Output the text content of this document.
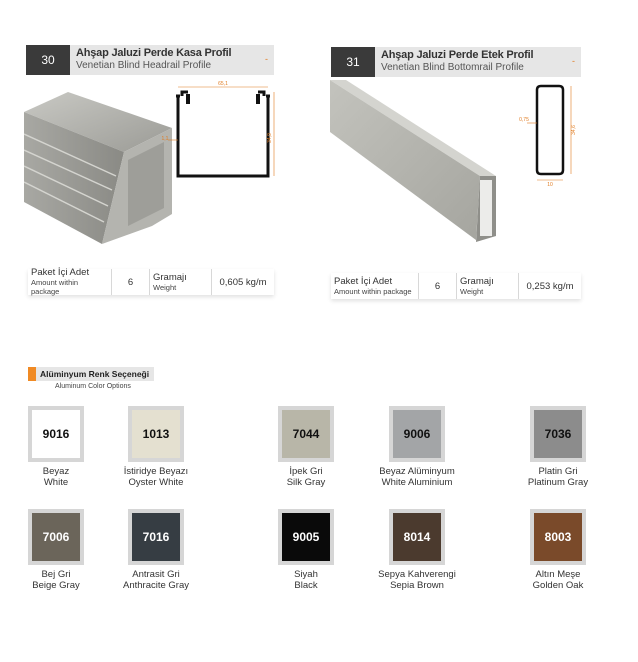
30	Ahşap Jaluzi Perde Kasa Profil
Venetian Blind Headrail Profile
-
65,1
34,9
1,1
Paket İçi Adet
Amount within package
6	Gramajı
Weight	0,605 kg/m
31	Ahşap Jaluzi Perde Etek Profil
Venetian Blind Bottomrail Profile
-
10
34,6
0,75
Paket İçi Adet
Amount within package	6	Gramajı
Weight	0,253 kg/m
Alüminyum Renk Seçeneği
Aluminum Color Options
9016
Beyaz
White
1013
İstiridye Beyazı
Oyster White
7044
İpek Gri
Silk Gray
9006
Beyaz Alüminyum
White Aluminium
7036
Platin Gri
Platinum Gray
7006
Bej Gri
Beige Gray
7016
Antrasit Gri
Anthracite Gray
9005
Siyah
Black
8014
Sepya Kahverengi
Sepia Brown
8003
Altın Meşe
Golden Oak
